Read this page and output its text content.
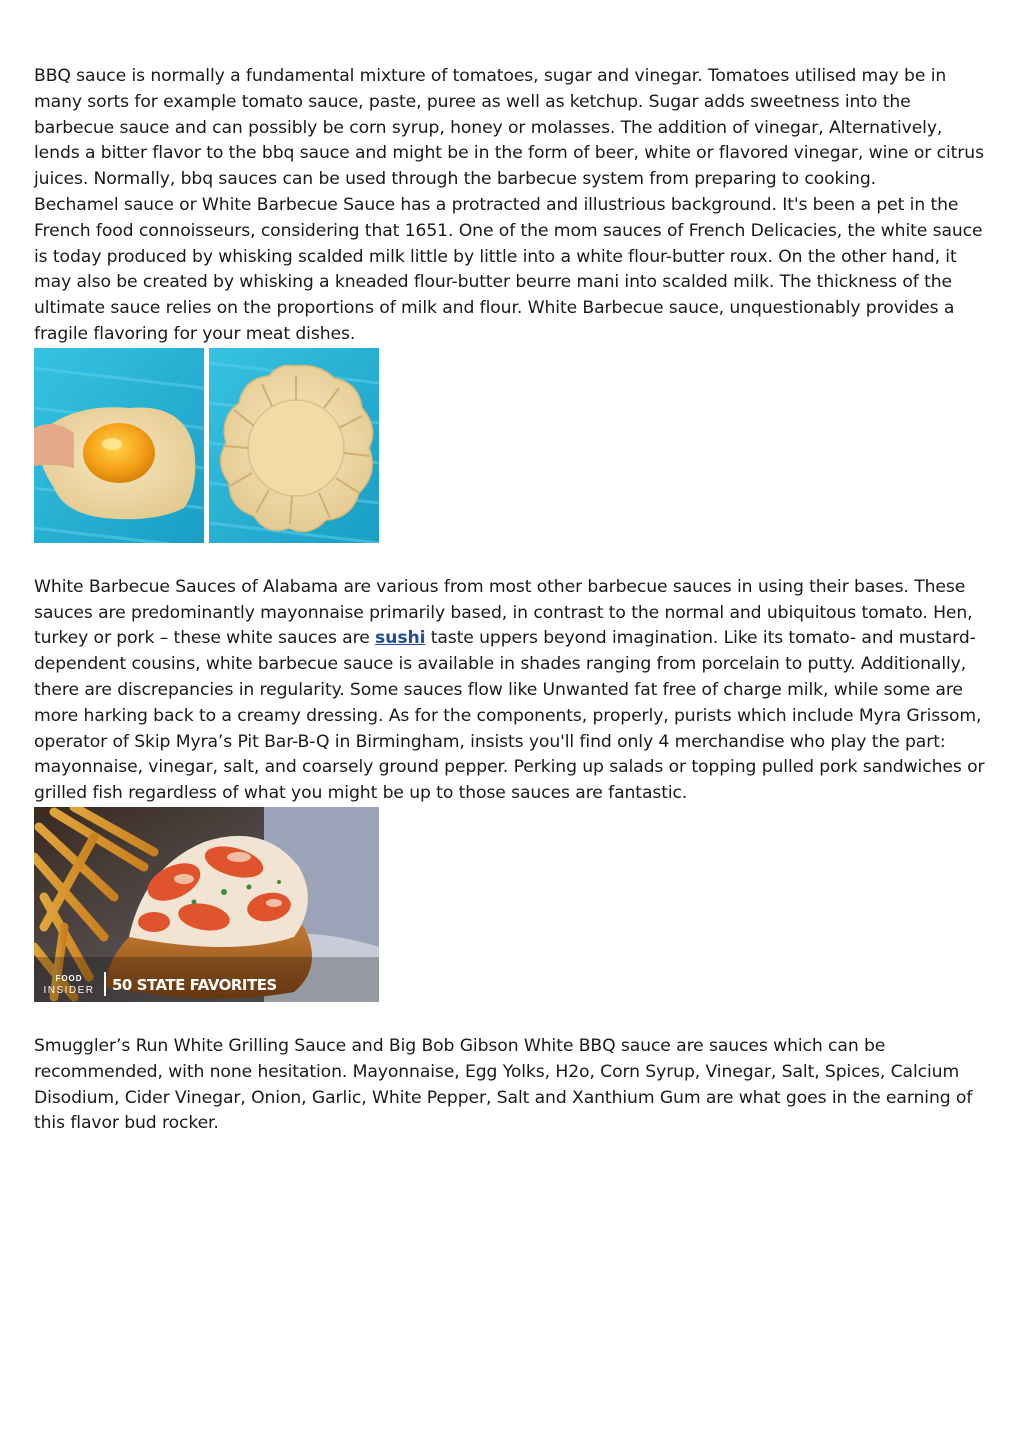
BBQ sauce is normally a fundamental mixture of tomatoes, sugar and vinegar. Tomatoes utilised may be in many sorts for example tomato sauce, paste, puree as well as ketchup. Sugar adds sweetness into the barbecue sauce and can possibly be corn syrup, honey or molasses. The addition of vinegar, Alternatively, lends a bitter flavor to the bbq sauce and might be in the form of beer, white or flavored vinegar, wine or citrus juices. Normally, bbq sauces can be used through the barbecue system from preparing to cooking.

Bechamel sauce or White Barbecue Sauce has a protracted and illustrious background. It's been a pet in the French food connoisseurs, considering that 1651. One of the mom sauces of French Delicacies, the white sauce is today produced by whisking scalded milk little by little into a white flour-butter roux. On the other hand, it may also be created by whisking a kneaded flour-butter beurre mani into scalded milk. The thickness of the ultimate sauce relies on the proportions of milk and flour. White Barbecue sauce, unquestionably provides a fragile flavoring for your meat dishes.

White Barbecue Sauces of Alabama are various from most other barbecue sauces in using their bases. These sauces are predominantly mayonnaise primarily based, in contrast to the normal and ubiquitous tomato. Hen, turkey or pork – these white sauces are sushi taste uppers beyond imagination. Like its tomato- and mustard-dependent cousins, white barbecue sauce is available in shades ranging from porcelain to putty. Additionally, there are discrepancies in regularity. Some sauces flow like Unwanted fat free of charge milk, while some are more harking back to a creamy dressing. As for the components, properly, purists which include Myra Grissom, operator of Skip Myra’s Pit Bar-B-Q in Birmingham, insists you'll find only 4 merchandise who play the part: mayonnaise, vinegar, salt, and coarsely ground pepper. Perking up salads or topping pulled pork sandwiches or grilled fish regardless of what you might be up to those sauces are fantastic.

FOOD
INSIDER 50 STATE FAVORITES

Smuggler’s Run White Grilling Sauce and Big Bob Gibson White BBQ sauce are sauces which can be recommended, with none hesitation. Mayonnaise, Egg Yolks, H2o, Corn Syrup, Vinegar, Salt, Spices, Calcium Disodium, Cider Vinegar, Onion, Garlic, White Pepper, Salt and Xanthium Gum are what goes in the earning of this flavor bud rocker.
